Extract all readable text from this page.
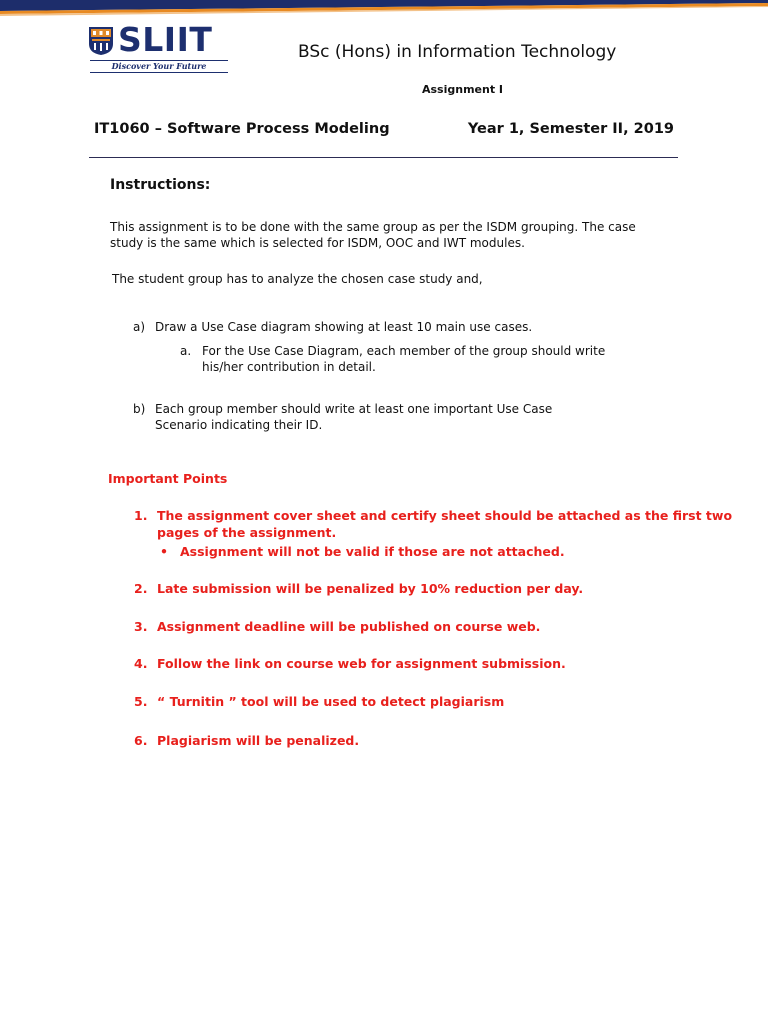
SLIIT
Discover Your Future
BSc (Hons) in Information Technology
Assignment I
IT1060 – Software Process Modeling	Year 1, Semester II, 2019
Instructions:
This assignment is to be done with the same group as per the ISDM grouping. The case study is the same which is selected for ISDM, OOC and IWT modules.
The student group has to analyze the chosen case study and,
a) Draw a Use Case diagram showing at least 10 main use cases.
a. For the Use Case Diagram, each member of the group should write his/her contribution in detail.
b) Each group member should write at least one important Use Case Scenario indicating their ID.
Important Points
1. The assignment cover sheet and certify sheet should be attached as the first two pages of the assignment.
• Assignment will not be valid if those are not attached.
2. Late submission will be penalized by 10% reduction per day.
3. Assignment deadline will be published on course web.
4. Follow the link on course web for assignment submission.
5. “ Turnitin ” tool will be used to detect plagiarism
6. Plagiarism will be penalized.
